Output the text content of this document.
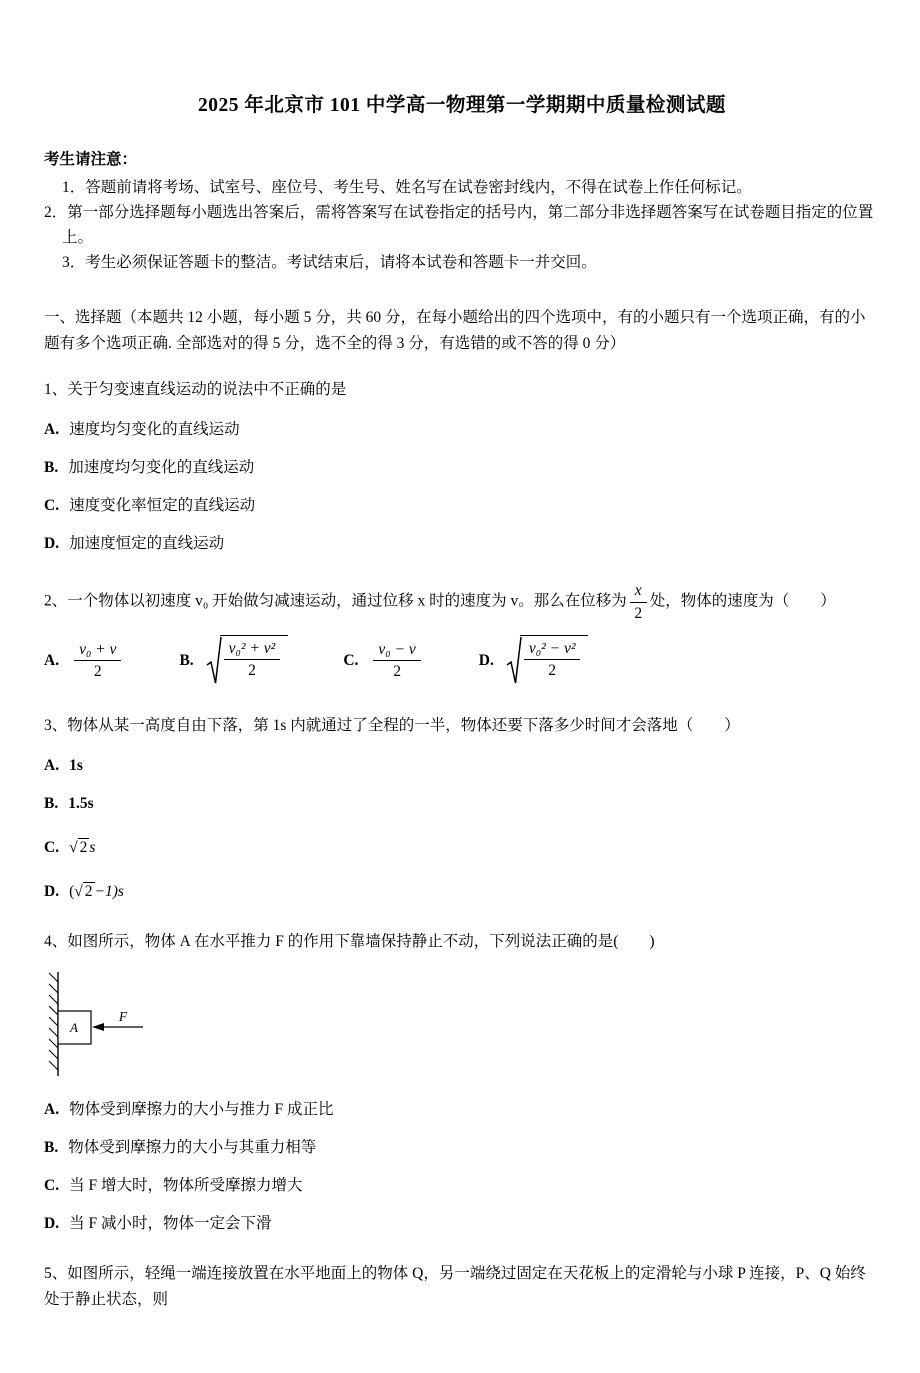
2025 年北京市 101 中学高一物理第一学期期中质量检测试题
考生请注意：
1．答题前请将考场、试室号、座位号、考生号、姓名写在试卷密封线内，不得在试卷上作任何标记。
2．第一部分选择题每小题选出答案后，需将答案写在试卷指定的括号内，第二部分非选择题答案写在试卷题目指定的位置上。
3．考生必须保证答题卡的整洁。考试结束后，请将本试卷和答题卡一并交回。

一、选择题（本题共 12 小题，每小题 5 分，共 60 分，在每小题给出的四个选项中，有的小题只有一个选项正确，有的小题有多个选项正确. 全部选对的得 5 分，选不全的得 3 分，有选错的或不答的得 0 分）

1、关于匀变速直线运动的说法中不正确的是

A. 速度均匀变化的直线运动
B. 加速度均匀变化的直线运动
C. 速度变化率恒定的直线运动
D. 加速度恒定的直线运动

2、一个物体以初速度 v₀ 开始做匀减速运动，通过位移 x 时的速度为 v。那么在位移为 $\frac{x}{2}$ 处，物体的速度为（　　）

A. $\frac{\text{v₀ + v}}{2}$	B. $\frac{\text{v₀² + v²}}{2}$	C. $\frac{\text{v₀ − v}}{2}$	D. $\frac{\text{v₀² − v²}}{2}$

3、物体从某一高度自由下落，第 1s 内就通过了全程的一半，物体还要下落多少时间才会落地（　　）

A. 1s
B. 1.5s
C. √ 2 s
D. (√ 2 −1)s

4、如图所示，物体 A 在水平推力 F 的作用下靠墙保持静止不动，下列说法正确的是(　　)

A
F
A. 物体受到摩擦力的大小与推力 F 成正比
B. 物体受到摩擦力的大小与其重力相等
C. 当 F 增大时，物体所受摩擦力增大
D. 当 F 减小时，物体一定会下滑

5、如图所示，轻绳一端连接放置在水平地面上的物体 Q，另一端绕过固定在天花板上的定滑轮与小球 P 连接，P、Q 始终处于静止状态，则
